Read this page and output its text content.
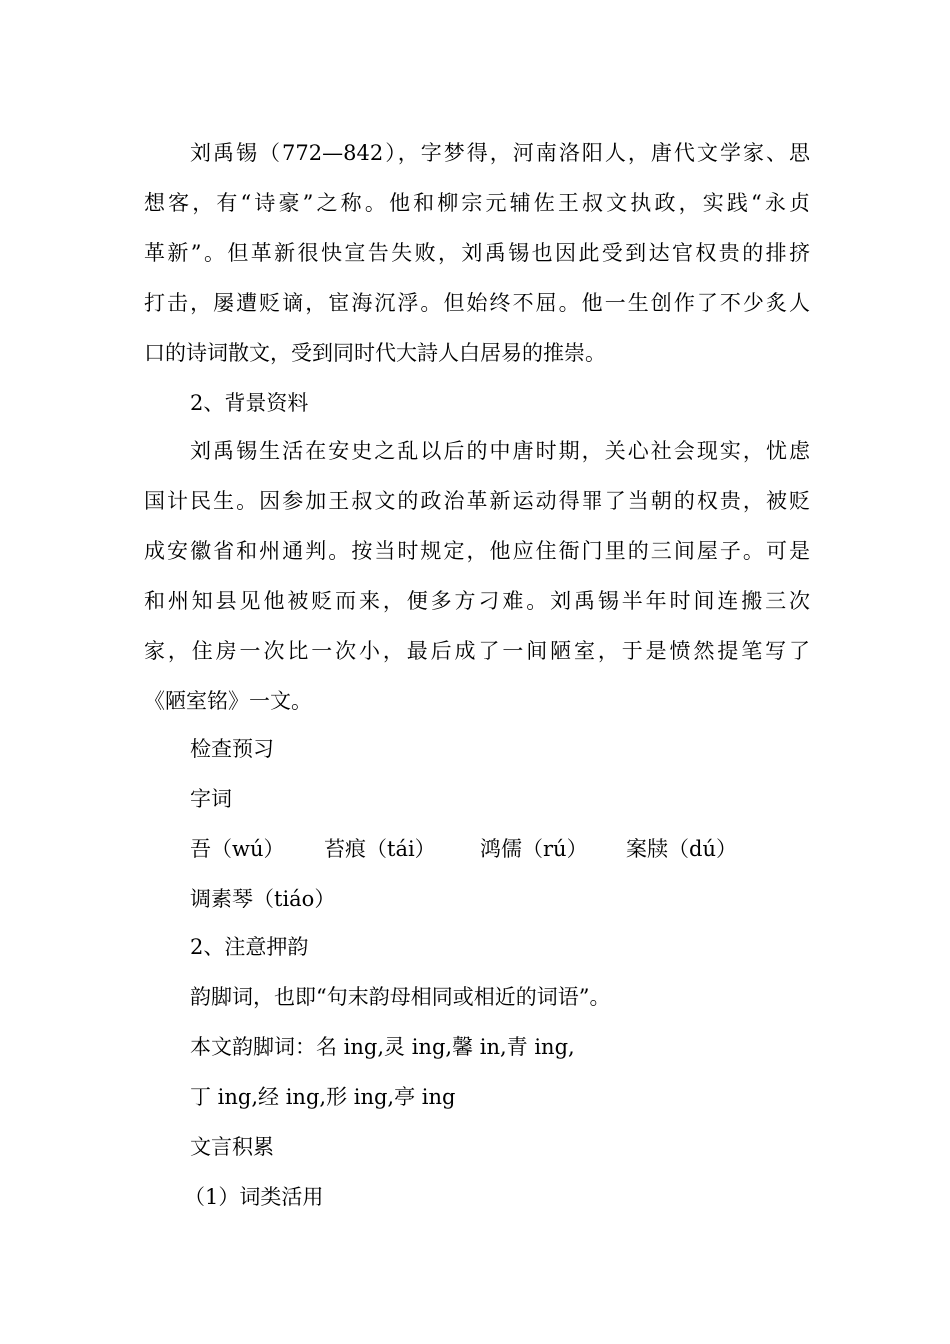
刘禹锡（772—842），字梦得，河南洛阳人，唐代文学家、思
想客，有“诗豪”之称。他和柳宗元辅佐王叔文执政，实践“永贞
革新”。但革新很快宣告失败，刘禹锡也因此受到达官权贵的排挤
打击，屡遭贬谪，宦海沉浮。但始终不屈。他一生创作了不少炙人
口的诗词散文，受到同时代大詩人白居易的推崇。
2、背景资料
刘禹锡生活在安史之乱以后的中唐时期，关心社会现实，忧虑
国计民生。因参加王叔文的政治革新运动得罪了当朝的权贵，被贬
成安徽省和州通判。按当时规定，他应住衙门里的三间屋子。可是
和州知县见他被贬而来，便多方刁难。刘禹锡半年时间连搬三次
家，住房一次比一次小，最后成了一间陋室，于是愤然提笔写了
《陋室铭》一文。
检查预习
字词
吾（wú） 苔痕（tái） 鸿儒（rú） 案牍（dú）
调素琴（tiáo）
2、注意押韵
韵脚词，也即“句末韵母相同或相近的词语”。
本文韵脚词：名 ing,灵 ing,馨 in,青 ing,
丁 ing,经 ing,形 ing,亭 ing
文言积累
（1）词类活用
